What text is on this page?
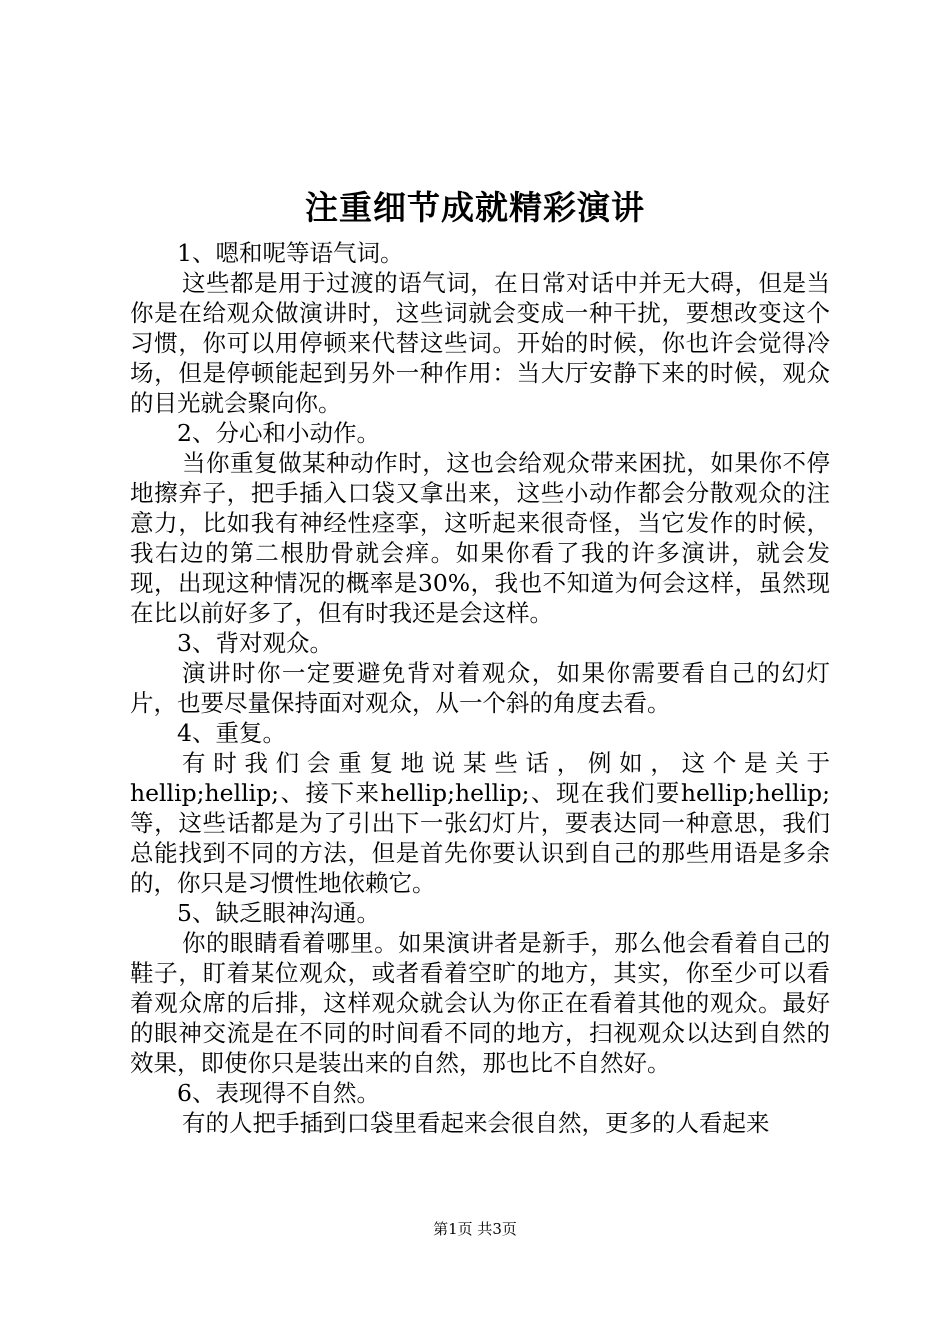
注重细节成就精彩演讲

1、嗯和呢等语气词。

这些都是用于过渡的语气词，在日常对话中并无大碍，但是当你是在给观众做演讲时，这些词就会变成一种干扰，要想改变这个习惯，你可以用停顿来代替这些词。开始的时候，你也许会觉得冷场，但是停顿能起到另外一种作用：当大厅安静下来的时候，观众的目光就会聚向你。

2、分心和小动作。

当你重复做某种动作时，这也会给观众带来困扰，如果你不停地擦弃子，把手插入口袋又拿出来，这些小动作都会分散观众的注意力，比如我有神经性痉挛，这听起来很奇怪，当它发作的时候，我右边的第二根肋骨就会痒。如果你看了我的许多演讲，就会发现，出现这种情况的概率是30%，我也不知道为何会这样，虽然现在比以前好多了，但有时我还是会这样。

3、背对观众。

演讲时你一定要避免背对着观众，如果你需要看自己的幻灯片，也要尽量保持面对观众，从一个斜的角度去看。

4、重复。

有时我们会重复地说某些话，例如，这个是关于hellip;hellip;、接下来hellip;hellip;、现在我们要hellip;hellip;等，这些话都是为了引出下一张幻灯片，要表达同一种意思，我们总能找到不同的方法，但是首先你要认识到自己的那些用语是多余的，你只是习惯性地依赖它。

5、缺乏眼神沟通。

你的眼睛看着哪里。如果演讲者是新手，那么他会看着自己的鞋子，盯着某位观众，或者看着空旷的地方，其实，你至少可以看着观众席的后排，这样观众就会认为你正在看着其他的观众。最好的眼神交流是在不同的时间看不同的地方，扫视观众以达到自然的效果，即使你只是装出来的自然，那也比不自然好。

6、表现得不自然。

有的人把手插到口袋里看起来会很自然，更多的人看起来

第1页 共3页
